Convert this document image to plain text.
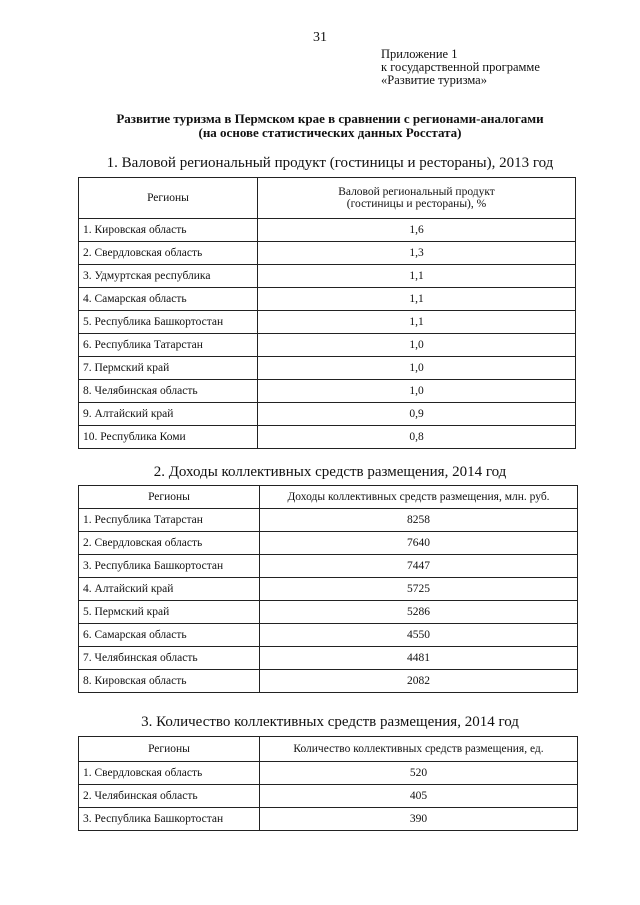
31
Приложение 1
к государственной программе
«Развитие туризма»
Развитие туризма в Пермском крае в сравнении с регионами-аналогами
(на основе статистических данных Росстата)
1. Валовой региональный продукт (гостиницы и рестораны), 2013 год
Регионы	Валовой региональный продукт
(гостиницы и рестораны), %

1. Кировская область	1,6
2. Свердловская область	1,3
3. Удмуртская республика	1,1
4. Самарская область	1,1
5. Республика Башкортостан	1,1
6. Республика Татарстан	1,0
7. Пермский край	1,0
8. Челябинская область	1,0
9. Алтайский край	0,9
10. Республика Коми	0,8
2. Доходы коллективных средств размещения, 2014 год
Регионы	Доходы коллективных средств размещения, млн. руб.
1. Республика Татарстан	8258
2. Свердловская область	7640
3. Республика Башкортостан	7447
4. Алтайский край	5725
5. Пермский край	5286
6. Самарская область	4550
7. Челябинская область	4481
8. Кировская область	2082
3. Количество коллективных средств размещения, 2014 год
Регионы	Количество коллективных средств размещения, ед.
1. Свердловская область	520
2. Челябинская область	405
3. Республика Башкортостан	390
